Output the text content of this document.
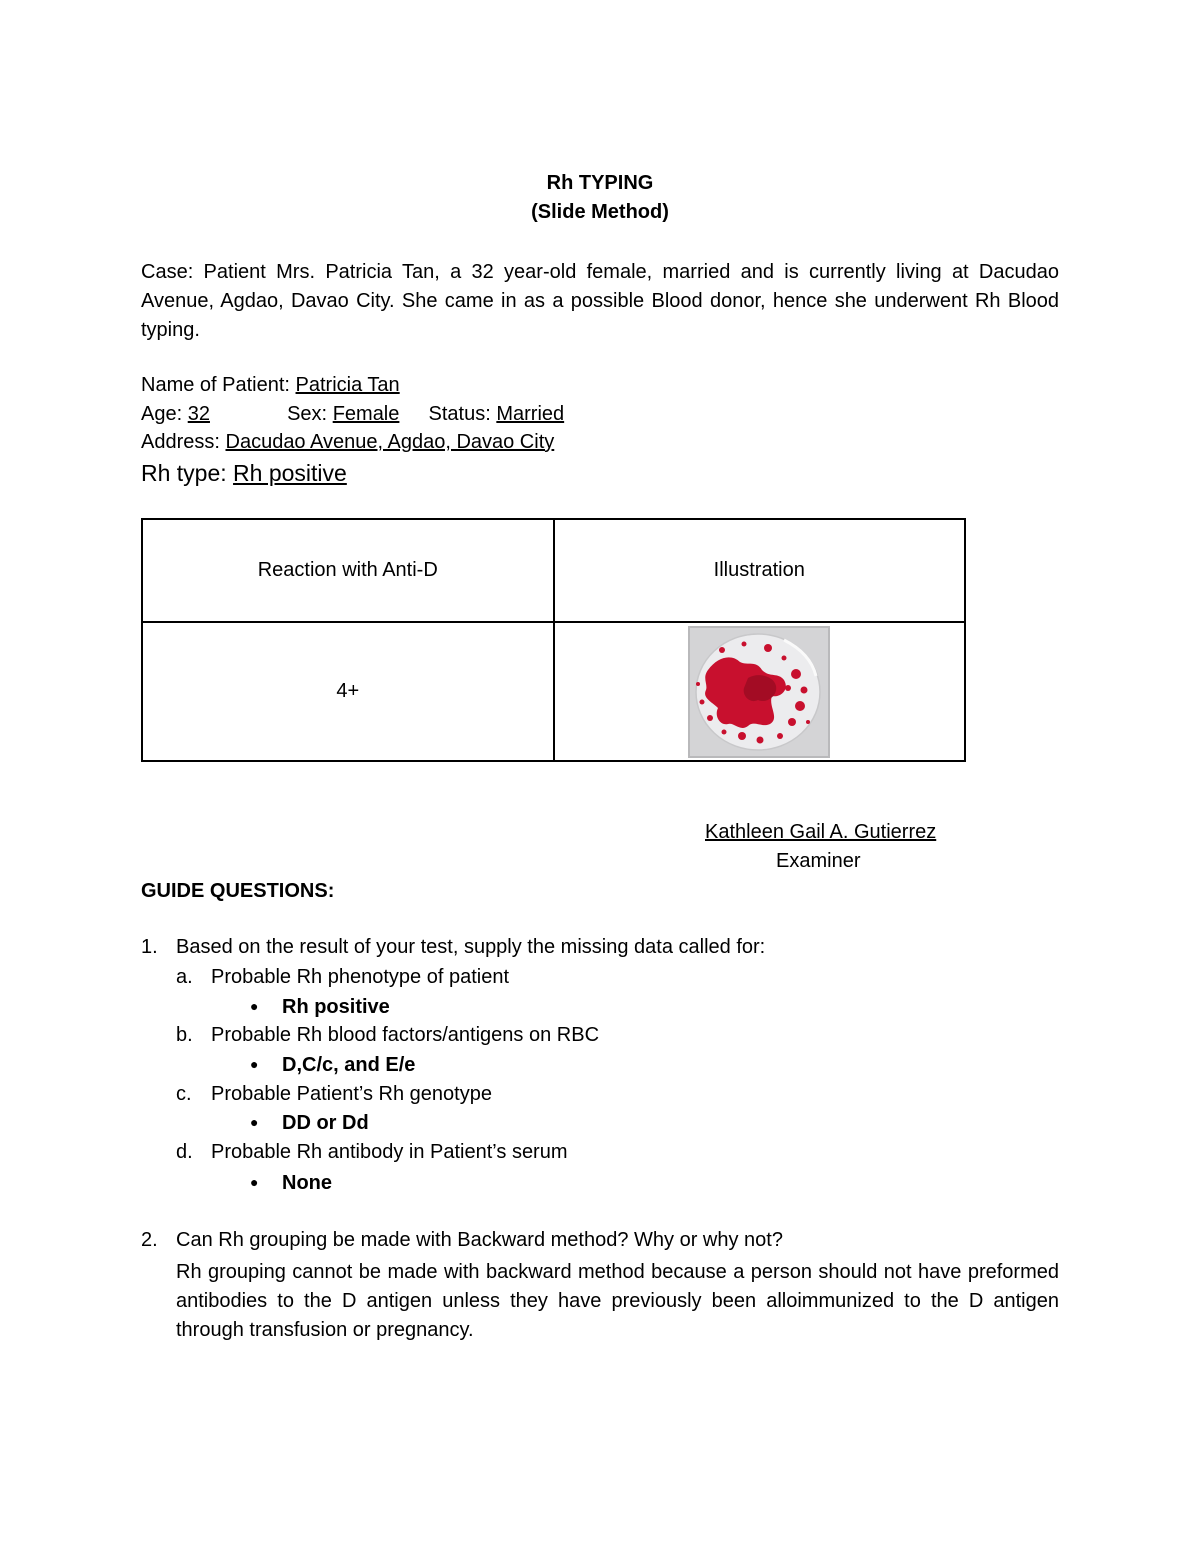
Rh TYPING
(Slide Method)
Case: Patient Mrs. Patricia Tan, a 32 year-old female, married and is currently living at Dacudao Avenue, Agdao, Davao City. She came in as a possible Blood donor, hence she underwent Rh Blood typing.
Name of Patient: Patricia Tan
Age: 32	Sex: Female Status: Married
Address: Dacudao Avenue, Agdao, Davao City
Rh type: Rh positive
Reaction with Anti-D	Illustration
4+	
Kathleen Gail A. Gutierrez
Examiner
GUIDE QUESTIONS:
1. Based on the result of your test, supply the missing data called for:
a. Probable Rh phenotype of patient
● Rh positive
b. Probable Rh blood factors/antigens on RBC
● D,C/c, and E/e
c. Probable Patient’s Rh genotype
● DD or Dd
d. Probable Rh antibody in Patient’s serum
● None
2. Can Rh grouping be made with Backward method? Why or why not?
Rh grouping cannot be made with backward method because a person should not have preformed antibodies to the D antigen unless they have previously been alloimmunized to the D antigen through transfusion or pregnancy.
